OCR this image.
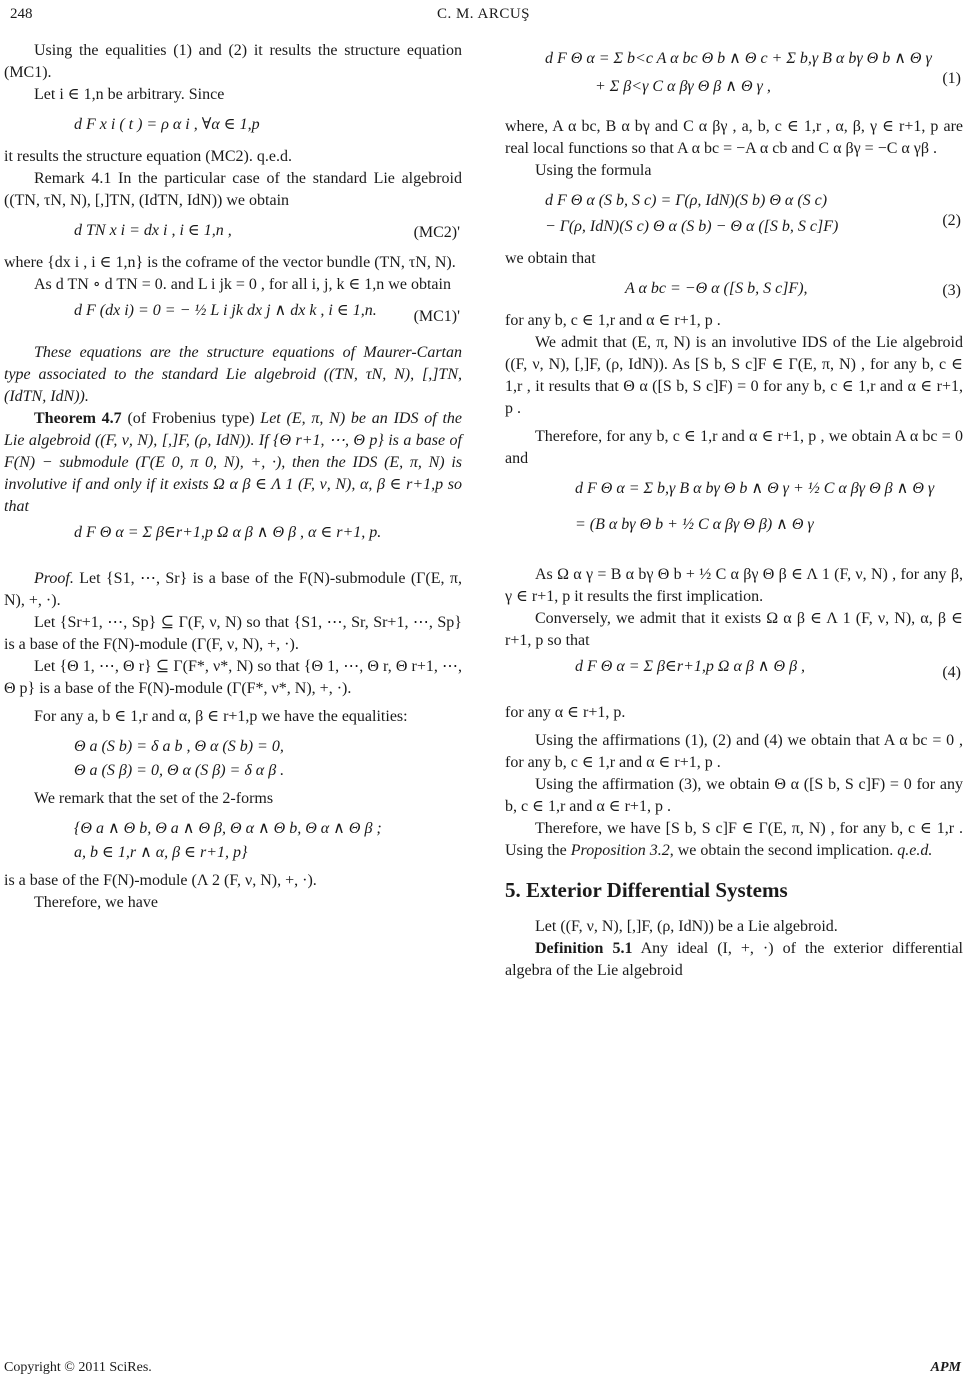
248	C. M. ARCUŞ

Using the equalities (1) and (2) it results the structure equation (MC1).

Let i ∈ 1,n be arbitrary. Since

d F x i ( t ) = ρ α i , ∀α ∈ 1,p

it results the structure equation (MC2). q.e.d.

Remark 4.1 In the particular case of the standard Lie algebroid ((TN, τN, N), [,]TN, (IdTN, IdN)) we obtain

d TN x i = dx i , i ∈ 1,n ,	(MC2)'

where {dx i , i ∈ 1,n} is the coframe of the vector bundle (TN, τN, N).

As d TN ∘ d TN = 0. and L i jk = 0 , for all i, j, k ∈ 1,n we obtain

d F (dx i) = 0 = − ½ L i jk dx j ∧ dx k , i ∈ 1,n.	(MC1)'

These equations are the structure equations of Maurer-Cartan type associated to the standard Lie algebroid ((TN, τN, N), [,]TN, (IdTN, IdN)).

Theorem 4.7 (of Frobenius type) Let (E, π, N) be an IDS of the Lie algebroid ((F, ν, N), [,]F, (ρ, IdN)). If {Θ r+1, ⋯, Θ p} is a base of F(N) − submodule (Γ(E 0, π 0, N), +, ·), then the IDS (E, π, N) is involutive if and only if it exists Ω α β ∈ Λ 1 (F, ν, N), α, β ∈ r+1,p so that

d F Θ α = Σ β∈r+1,p Ω α β ∧ Θ β , α ∈ r+1, p.

Proof. Let {S1, ⋯, Sr} is a base of the F(N)-submodule (Γ(E, π, N), +, ·).

Let {Sr+1, ⋯, Sp} ⊆ Γ(F, ν, N) so that {S1, ⋯, Sr, Sr+1, ⋯, Sp} is a base of the F(N)-module (Γ(F, ν, N), +, ·).

Let {Θ 1, ⋯, Θ r} ⊆ Γ(F*, ν*, N) so that {Θ 1, ⋯, Θ r, Θ r+1, ⋯, Θ p} is a base of the F(N)-module (Γ(F*, ν*, N), +, ·).

For any a, b ∈ 1,r and α, β ∈ r+1,p we have the equalities:

Θ a (S b) = δ a b , Θ α (S b) = 0,
Θ a (S β) = 0, Θ α (S β) = δ α β .

We remark that the set of the 2-forms

{Θ a ∧ Θ b, Θ a ∧ Θ β, Θ α ∧ Θ b, Θ α ∧ Θ β ;
a, b ∈ 1,r ∧ α, β ∈ r+1, p}

is a base of the F(N)-module (Λ 2 (F, ν, N), +, ·).

Therefore, we have

d F Θ α = Σ b<c A α bc Θ b ∧ Θ c + Σ b,γ B α bγ Θ b ∧ Θ γ
+ Σ β<γ C α βγ Θ β ∧ Θ γ ,	(1)

where, A α bc, B α bγ and C α βγ , a, b, c ∈ 1,r , α, β, γ ∈ r+1, p are real local functions so that A α bc = −A α cb and C α βγ = −C α γβ .

Using the formula

d F Θ α (S b, S c) = Γ(ρ, IdN)(S b) Θ α (S c)
− Γ(ρ, IdN)(S c) Θ α (S b) − Θ α ([S b, S c]F)	(2)

we obtain that

A α bc = −Θ α ([S b, S c]F),	(3)

for any b, c ∈ 1,r and α ∈ r+1, p .

We admit that (E, π, N) is an involutive IDS of the Lie algebroid ((F, ν, N), [,]F, (ρ, IdN)). As [S b, S c]F ∈ Γ(E, π, N) , for any b, c ∈ 1,r , it results that Θ α ([S b, S c]F) = 0 for any b, c ∈ 1,r and α ∈ r+1, p .

Therefore, for any b, c ∈ 1,r and α ∈ r+1, p , we obtain A α bc = 0 and

d F Θ α = Σ b,γ B α bγ Θ b ∧ Θ γ + ½ C α βγ Θ β ∧ Θ γ
= (B α bγ Θ b + ½ C α βγ Θ β) ∧ Θ γ

As Ω α γ = B α bγ Θ b + ½ C α βγ Θ β ∈ Λ 1 (F, ν, N) , for any β, γ ∈ r+1, p it results the first implication.

Conversely, we admit that it exists Ω α β ∈ Λ 1 (F, ν, N), α, β ∈ r+1, p so that

d F Θ α = Σ β∈r+1,p Ω α β ∧ Θ β ,	(4)

for any α ∈ r+1, p.

Using the affirmations (1), (2) and (4) we obtain that A α bc = 0 , for any b, c ∈ 1,r and α ∈ r+1, p .

Using the affirmation (3), we obtain Θ α ([S b, S c]F) = 0 for any b, c ∈ 1,r and α ∈ r+1, p .

Therefore, we have [S b, S c]F ∈ Γ(E, π, N) , for any b, c ∈ 1,r . Using the Proposition 3.2, we obtain the second implication. q.e.d.

5. Exterior Differential Systems

Let ((F, ν, N), [,]F, (ρ, IdN)) be a Lie algebroid.

Definition 5.1 Any ideal (I, +, ·) of the exterior differential algebra of the Lie algebroid

Copyright © 2011 SciRes.	APM
